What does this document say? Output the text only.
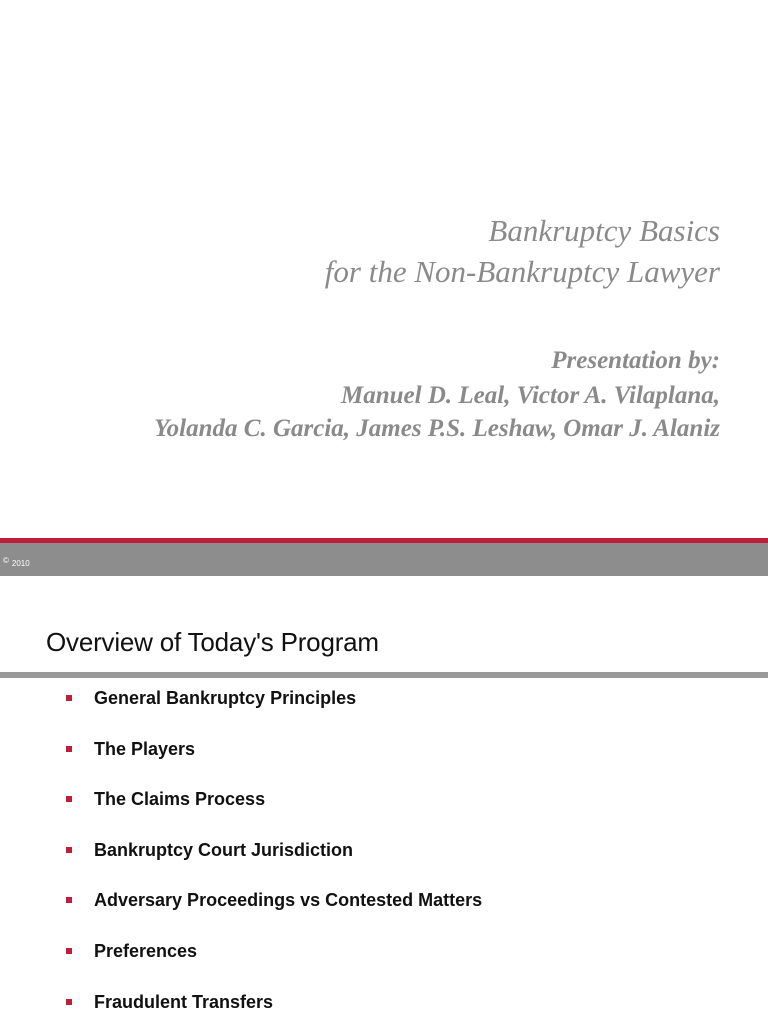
Bankruptcy Basics
for the Non-Bankruptcy Lawyer
Presentation by:
Manuel D. Leal, Victor A. Vilaplana,
Yolanda C. Garcia, James P.S. Leshaw, Omar J. Alaniz
© 2010
Overview of Today's Program
General Bankruptcy Principles
The Players
The Claims Process
Bankruptcy Court Jurisdiction
Adversary Proceedings vs Contested Matters
Preferences
Fraudulent Transfers
